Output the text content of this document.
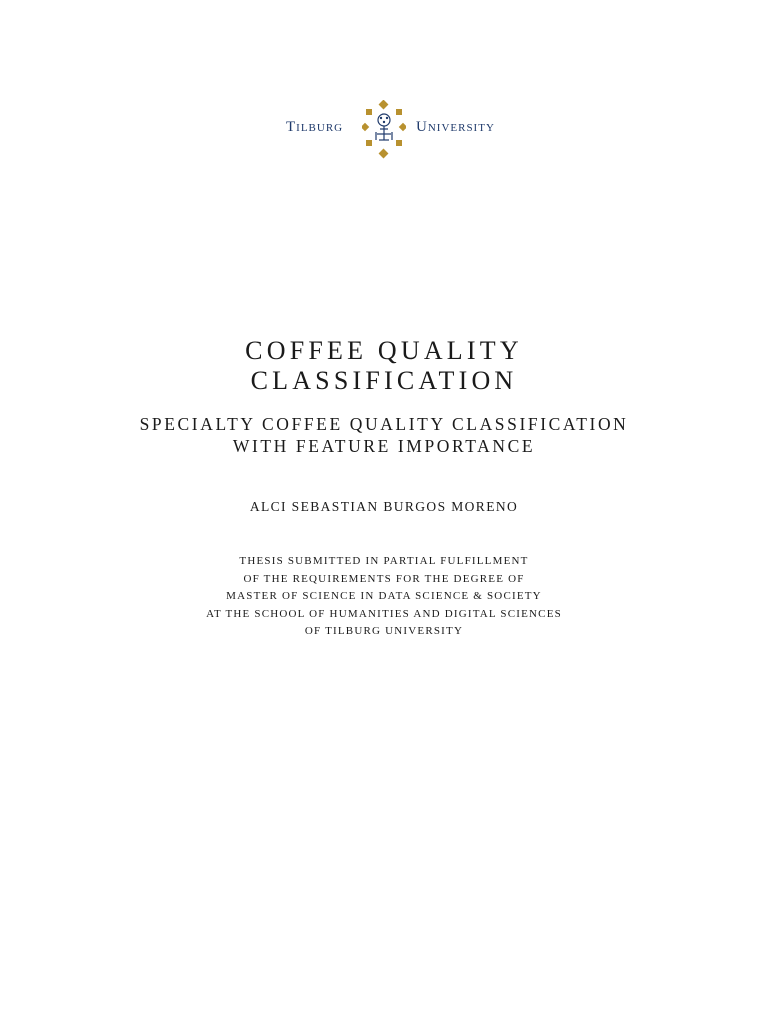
Tilburg	University
COFFEE QUALITY
CLASSIFICATION
SPECIALTY COFFEE QUALITY CLASSIFICATION
WITH FEATURE IMPORTANCE
ALCI SEBASTIAN BURGOS MORENO
THESIS SUBMITTED IN PARTIAL FULFILLMENT
OF THE REQUIREMENTS FOR THE DEGREE OF
MASTER OF SCIENCE IN DATA SCIENCE & SOCIETY
AT THE SCHOOL OF HUMANITIES AND DIGITAL SCIENCES
OF TILBURG UNIVERSITY
